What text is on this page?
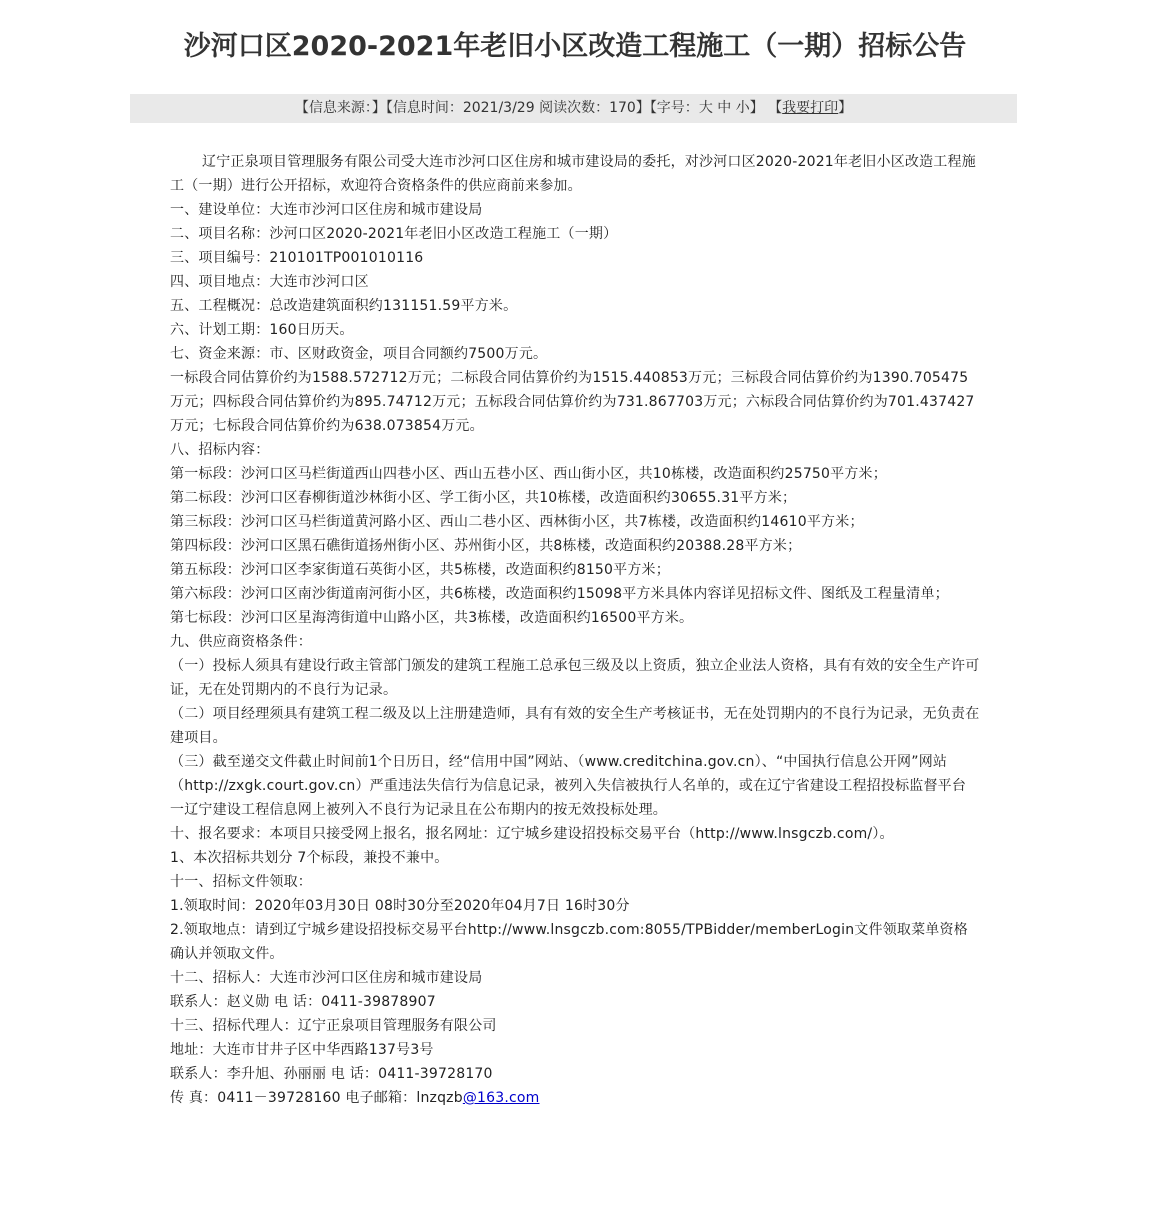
沙河口区2020-2021年老旧小区改造工程施工（一期）招标公告
【信息来源：】【信息时间：2021/3/29 阅读次数：170】【字号：大 中 小】 【我要打印】

辽宁正泉项目管理服务有限公司受大连市沙河口区住房和城市建设局的委托，对沙河口区2020-2021年老旧小区改造工程施工（一期）进行公开招标，欢迎符合资格条件的供应商前来参加。

一、建设单位：大连市沙河口区住房和城市建设局

二、项目名称：沙河口区2020-2021年老旧小区改造工程施工（一期）

三、项目编号：210101TP001010116

四、项目地点：大连市沙河口区

五、工程概况：总改造建筑面积约131151.59平方米。

六、计划工期：160日历天。

七、资金来源：市、区财政资金，项目合同额约7500万元。

一标段合同估算价约为1588.572712万元；二标段合同估算价约为1515.440853万元；三标段合同估算价约为1390.705475万元；四标段合同估算价约为895.74712万元；五标段合同估算价约为731.867703万元；六标段合同估算价约为701.437427万元；七标段合同估算价约为638.073854万元。

八、招标内容：

第一标段：沙河口区马栏街道西山四巷小区、西山五巷小区、西山街小区，共10栋楼，改造面积约25750平方米；

第二标段：沙河口区春柳街道沙林街小区、学工街小区，共10栋楼，改造面积约30655.31平方米；

第三标段：沙河口区马栏街道黄河路小区、西山二巷小区、西林街小区，共7栋楼，改造面积约14610平方米；

第四标段：沙河口区黑石礁街道扬州街小区、苏州街小区，共8栋楼，改造面积约20388.28平方米；

第五标段：沙河口区李家街道石英街小区，共5栋楼，改造面积约8150平方米；

第六标段：沙河口区南沙街道南河街小区，共6栋楼，改造面积约15098平方米具体内容详见招标文件、图纸及工程量清单；

第七标段：沙河口区星海湾街道中山路小区，共3栋楼，改造面积约16500平方米。

九、供应商资格条件：

（一）投标人须具有建设行政主管部门颁发的建筑工程施工总承包三级及以上资质，独立企业法人资格，具有有效的安全生产许可证，无在处罚期内的不良行为记录。

（二）项目经理须具有建筑工程二级及以上注册建造师，具有有效的安全生产考核证书，无在处罚期内的不良行为记录，无负责在建项目。

（三）截至递交文件截止时间前1个日历日，经“信用中国”网站、（www.creditchina.gov.cn）、“中国执行信息公开网”网站（http://zxgk.court.gov.cn）严重违法失信行为信息记录，被列入失信被执行人名单的，或在辽宁省建设工程招投标监督平台一辽宁建设工程信息网上被列入不良行为记录且在公布期内的按无效投标处理。

十、报名要求：本项目只接受网上报名，报名网址：辽宁城乡建设招投标交易平台（http://www.lnsgczb.com/）。

1、本次招标共划分 7个标段，兼投不兼中。

十一、招标文件领取：

1.领取时间：2020年03月30日 08时30分至2020年04月7日 16时30分

2.领取地点：请到辽宁城乡建设招投标交易平台http://www.lnsgczb.com:8055/TPBidder/memberLogin文件领取菜单资格确认并领取文件。

十二、招标人：大连市沙河口区住房和城市建设局

联系人：赵义勋 电 话：0411-39878907

十三、招标代理人：辽宁正泉项目管理服务有限公司

地址：大连市甘井子区中华西路137号3号

联系人：李升旭、孙丽丽 电 话：0411-39728170

传 真：0411－39728160 电子邮箱：lnzqzb@163.com
